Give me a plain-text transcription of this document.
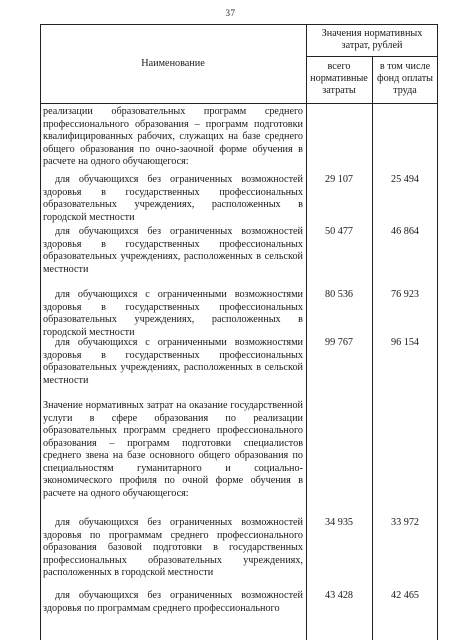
37
Наименование
Значения нормативных затрат, рублей
всего нормативные затраты
в том числе фонд оплаты труда
реализации образовательных программ среднего профессионального образования – программ подготовки квалифицированных рабочих, служащих на базе среднего общего образования по очно-заочной форме обучения в расчете на одного обучающегося:
для обучающихся без ограниченных возможностей здоровья в государственных профессиональных образовательных учреждениях, расположенных в городской местности
29 107	25 494
для обучающихся без ограниченных возможностей здоровья в государственных профессиональных образовательных учреждениях, расположенных в сельской местности
50 477	46 864
для обучающихся с ограниченными возможностями здоровья в государственных профессиональных образовательных учреждениях, расположенных в городской местности
80 536	76 923
для обучающихся с ограниченными возможностями здоровья в государственных профессиональных образовательных учреждениях, расположенных в сельской местности
99 767	96 154
Значение нормативных затрат на оказание государственной услуги в сфере образования по реализации образовательных программ среднего профессионального образования – программ подготовки специалистов среднего звена на базе основного общего образования по специальностям гуманитарного и социально-экономического профиля по очной форме обучения в расчете на одного обучающегося:
для обучающихся без ограниченных возможностей здоровья по программам среднего профессионального образования базовой подготовки в государственных профессиональных образовательных учреждениях, расположенных в городской местности
34 935	33 972
для обучающихся без ограниченных возможностей здоровья по программам среднего профессионального
43 428	42 465
